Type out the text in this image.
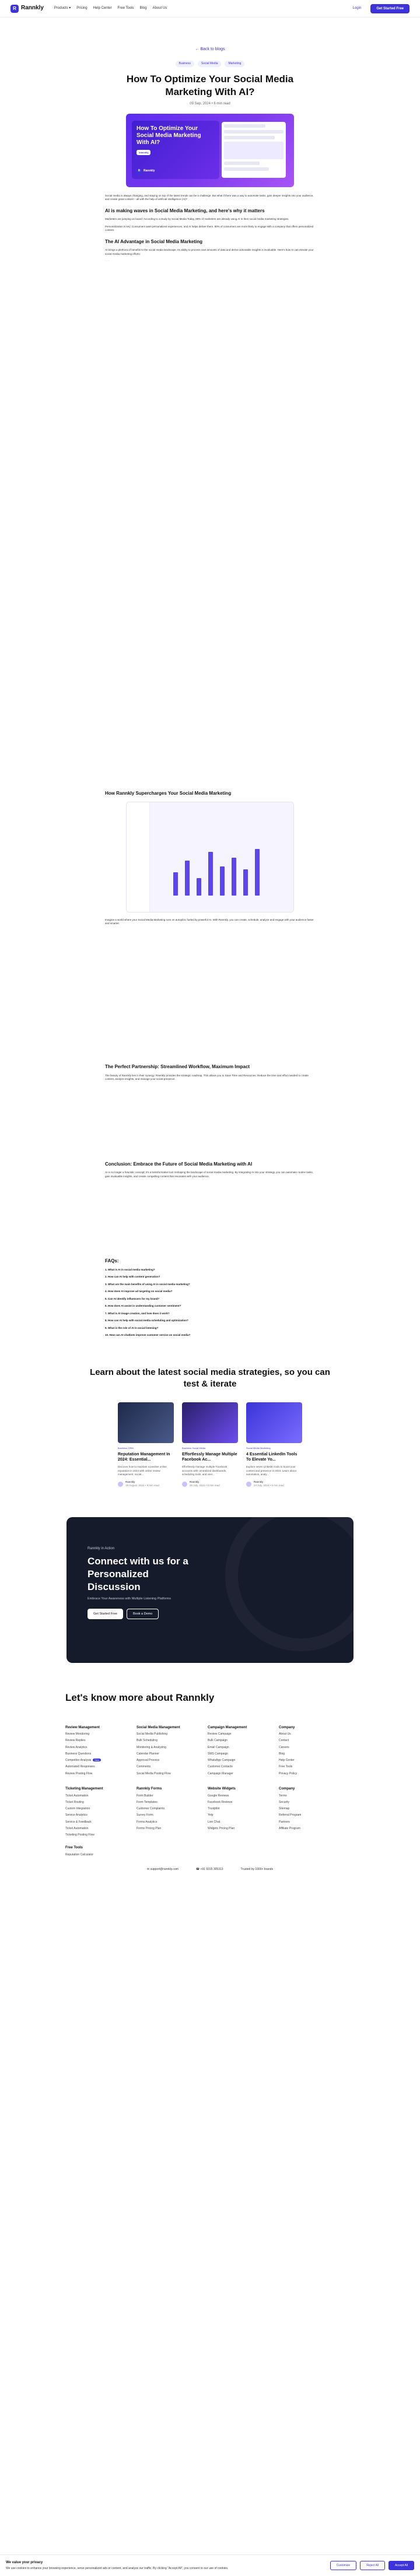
R Rannkly	Products ▾ Pricing Help Center Free Tools Blog About Us	Login	Get Started Free
← Back to blogs
Business	Social Media	Marketing
How To Optimize Your Social Media Marketing With AI?
09 Sep, 2024 • 6 min read
How To Optimize Your Social Media Marketing With AI?
#rannkly
R	Rannkly

Social media is always changing, and staying on top of the latest trends can be a challenge. But what if there was a way to automate tasks, gain deeper insights into your audience, and create great content – all with the help of artificial intelligence (AI)?

AI is making waves in Social Media Marketing, and here's why it matters

Marketers are jumping on board: According to a study by Social Media Today, 88% of marketers are already using AI in their social media marketing strategies.

Personalization is key: Consumers want personalized experiences, and AI helps deliver them. 80% of consumers are more likely to engage with a company that offers personalized content.

The AI Advantage in Social Media Marketing

AI brings a plethora of benefits to the social media landscape. Its ability to process vast amounts of data and derive actionable insights is invaluable. Here's how AI can elevate your social media marketing efforts:

· · ·

How Rannkly Supercharges Your Social Media Marketing

Imagine a world where your Social Media Marketing runs on autopilot, fueled by powerful AI. With Rannkly, you can create, schedule, analyze and engage with your audience faster and smarter.

The Perfect Partnership: Streamlined Workflow, Maximum Impact

The beauty of Rannkly lies in their synergy. Rannkly provides the strategic roadmap. This allows you to Save Time and Resources: Reduce the time and effort needed to create content, analyze insights, and manage your social presence.

Conclusion: Embrace the Future of Social Media Marketing with AI

AI is no longer a futuristic concept; it's a transformative tool reshaping the landscape of social media marketing. By integrating AI into your strategy, you can automate routine tasks, gain invaluable insights, and create compelling content that resonates with your audience.

FAQs:
1. What is AI in social media marketing?
2. How can AI help with content generation?
3. What are the main benefits of using AI in social media marketing?
4. How does AI improve ad targeting on social media?
5. Can AI identify influencers for my brand?
6. How does AI assist in understanding customer sentiment?
7. What is AI image creation, and how does it work?
8. How can AI help with social media scheduling and optimization?
9. What is the role of AI in social listening?
10. How can AI chatbots improve customer service on social media?
Learn about the latest social media strategies, so you can test & iterate
Business ORM
Reputation Management In 2024: Essential...
Discover how to maintain a positive online reputation in 2024 with online review management, social...
Rannkly
19 August, 2024 • 6 min read
Business Social Media
Effortlessly Manage Multiple Facebook Ac...
Effortlessly manage multiple Facebook accounts with centralized dashboards, scheduling tools, and user...
Rannkly
26 July, 2024 • 6 min read
Social Media Marketing
4 Essential LinkedIn Tools To Elevate Yo...
Explore seven LinkedIn tools to boost your content and presence in 2024. Learn about automation, analy...
Rannkly
24 July, 2024 • 6 min read
Rannkly in Action
Connect with us for a Personalized Discussion
Embrace Your Awareness with Multiple Listening Platforms
Get Started Free	Book a Demo
Let's know more about Rannkly
Review Management
Review Monitoring
Review Replies
Review Analytics
Business Questions
Competitor Analysis New
Automated Responses
Review Posting Flow
Social Media Management
Social Media Publishing
Bulk Scheduling
Monitoring & Analyzing
Calendar Planner
Approval Process
Comments
Social Media Posting Flow
Campaign Management
Review Campaign
Bulk Campaign
Email Campaign
SMS Campaign
WhatsApp Campaign
Customer Contacts
Campaign Manager
Company
About Us
Contact
Careers
Blog
Help Center
Free Tools
Privacy Policy
Ticketing Management
Ticket Automation
Ticket Routing
Custom Integration
Service Analytics
Service & Feedback
Ticket Automation
Ticketing Posting Flow
Free Tools
Reputation Calculator
Rannkly Forms
Form Builder
Form Templates
Customer Complaints
Survey Form
Forms Analytics
Forms Pricing Plan
Website Widgets
Google Reviews
Facebook Reviews
Trustpilot
Yelp
Live Chat
Widgets Pricing Plan
Company
Terms
Security
Sitemap
Referral Program
Partners
Affiliate Program
✉ support@rannkly.com	☎ +91 9315 305313	Trusted by 1000+ brands
We value your privacy
We use cookies to enhance your browsing experience, serve personalized ads or content, and analyze our traffic. By clicking "Accept All", you consent to our use of cookies.
Customize	Reject All	Accept All
